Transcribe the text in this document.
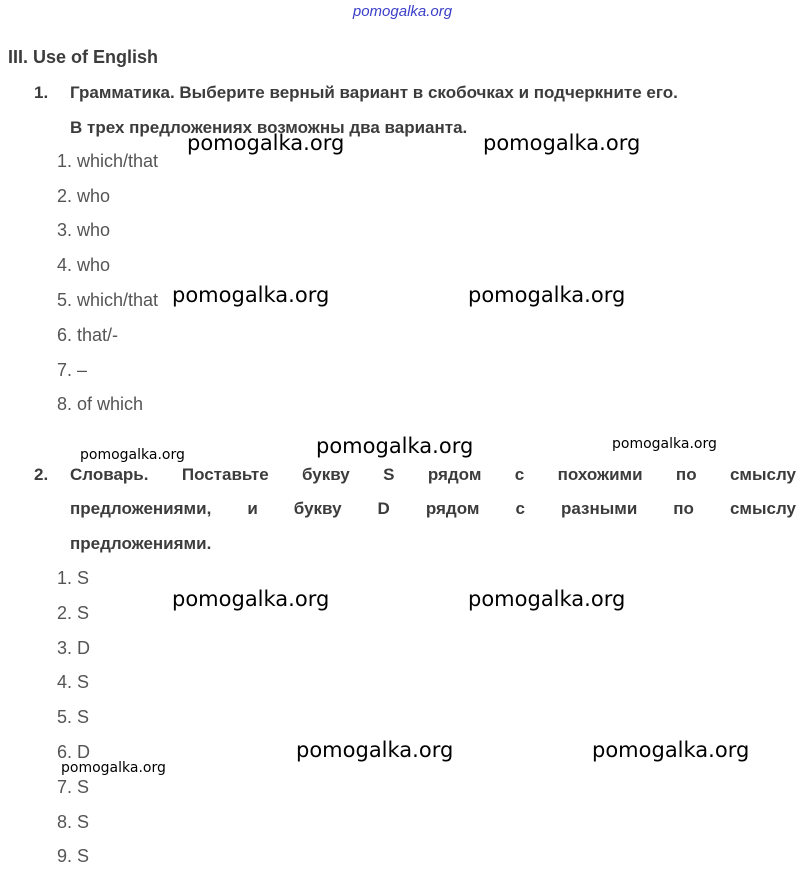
pomogalka.org
III. Use of English
1. Грамматика. Выберите верный вариант в скобочках и подчеркните его.
В трех предложениях возможны два варианта.
1. which/that
2. who
3. who
4. who
5. which/that
6. that/-
7. –
8. of which
2. Словарь. Поставьте букву S рядом с похожими по смыслу
предложениями, и букву D рядом с разными по смыслу
предложениями.
1. S
2. S
3. D
4. S
5. S
6. D
7. S
8. S
9. S
pomogalka.org	pomogalka.org
pomogalka.org	pomogalka.org
pomogalka.org	pomogalka.org	pomogalka.org
pomogalka.org	pomogalka.org
pomogalka.org	pomogalka.org
pomogalka.org
